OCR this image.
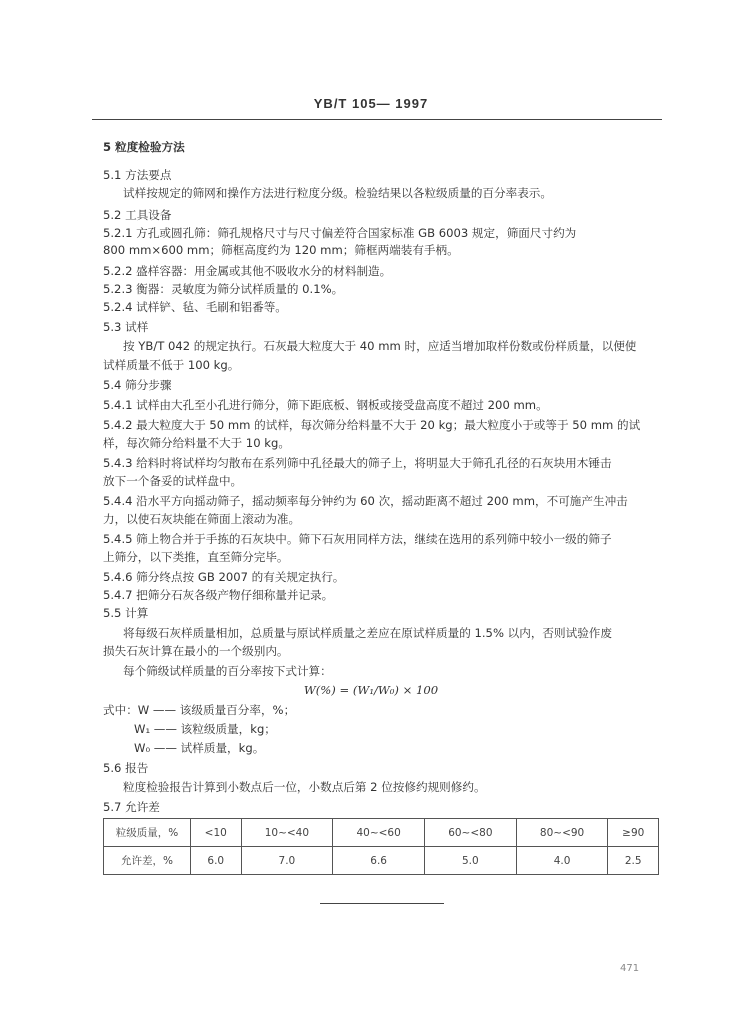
YB/T 105— 1997
5 粒度检验方法
5.1 方法要点
试样按规定的筛网和操作方法进行粒度分级。检验结果以各粒级质量的百分率表示。
5.2 工具设备
5.2.1 方孔或圆孔筛：筛孔规格尺寸与尺寸偏差符合国家标准 GB 6003 规定，筛面尺寸约为
800 mm×600 mm；筛框高度约为 120 mm；筛框两端装有手柄。
5.2.2 盛样容器：用金属或其他不吸收水分的材料制造。
5.2.3 衡器：灵敏度为筛分试样质量的 0.1%。
5.2.4 试样铲、毡、毛刷和铝番等。
5.3 试样
按 YB/T 042 的规定执行。石灰最大粒度大于 40 mm 时，应适当增加取样份数或份样质量，以便使
试样质量不低于 100 kg。
5.4 筛分步骤
5.4.1 试样由大孔至小孔进行筛分，筛下距底板、钢板或接受盘高度不超过 200 mm。
5.4.2 最大粒度大于 50 mm 的试样，每次筛分给料量不大于 20 kg；最大粒度小于或等于 50 mm 的试
样，每次筛分给料量不大于 10 kg。
5.4.3 给料时将试样均匀散布在系列筛中孔径最大的筛子上，将明显大于筛孔孔径的石灰块用木锤击
放下一个备妥的试样盘中。
5.4.4 沿水平方向摇动筛子，摇动频率每分钟约为 60 次，摇动距离不超过 200 mm，不可施产生冲击
力，以使石灰块能在筛面上滚动为准。
5.4.5 筛上物合并于手拣的石灰块中。筛下石灰用同样方法，继续在选用的系列筛中较小一级的筛子
上筛分，以下类推，直至筛分完毕。
5.4.6 筛分终点按 GB 2007 的有关规定执行。
5.4.7 把筛分石灰各级产物仔细称量并记录。
5.5 计算
将每级石灰样质量相加，总质量与原试样质量之差应在原试样质量的 1.5% 以内，否则试验作废
损失石灰计算在最小的一个级别内。
每个筛级试样质量的百分率按下式计算：
式中：W —— 该级质量百分率，%；
W₁ —— 该粒级质量，kg；
W₀ —— 试样质量，kg。
5.6 报告
粒度检验报告计算到小数点后一位，小数点后第 2 位按修约规则修约。
5.7 允许差
W(%) = (W₁/W₀) × 100
粒级质量，%	<10	10~<40	40~<60	60~<80	80~<90	≥90
允许差，%	6.0	7.0	6.6	5.0	4.0	2.5
471
